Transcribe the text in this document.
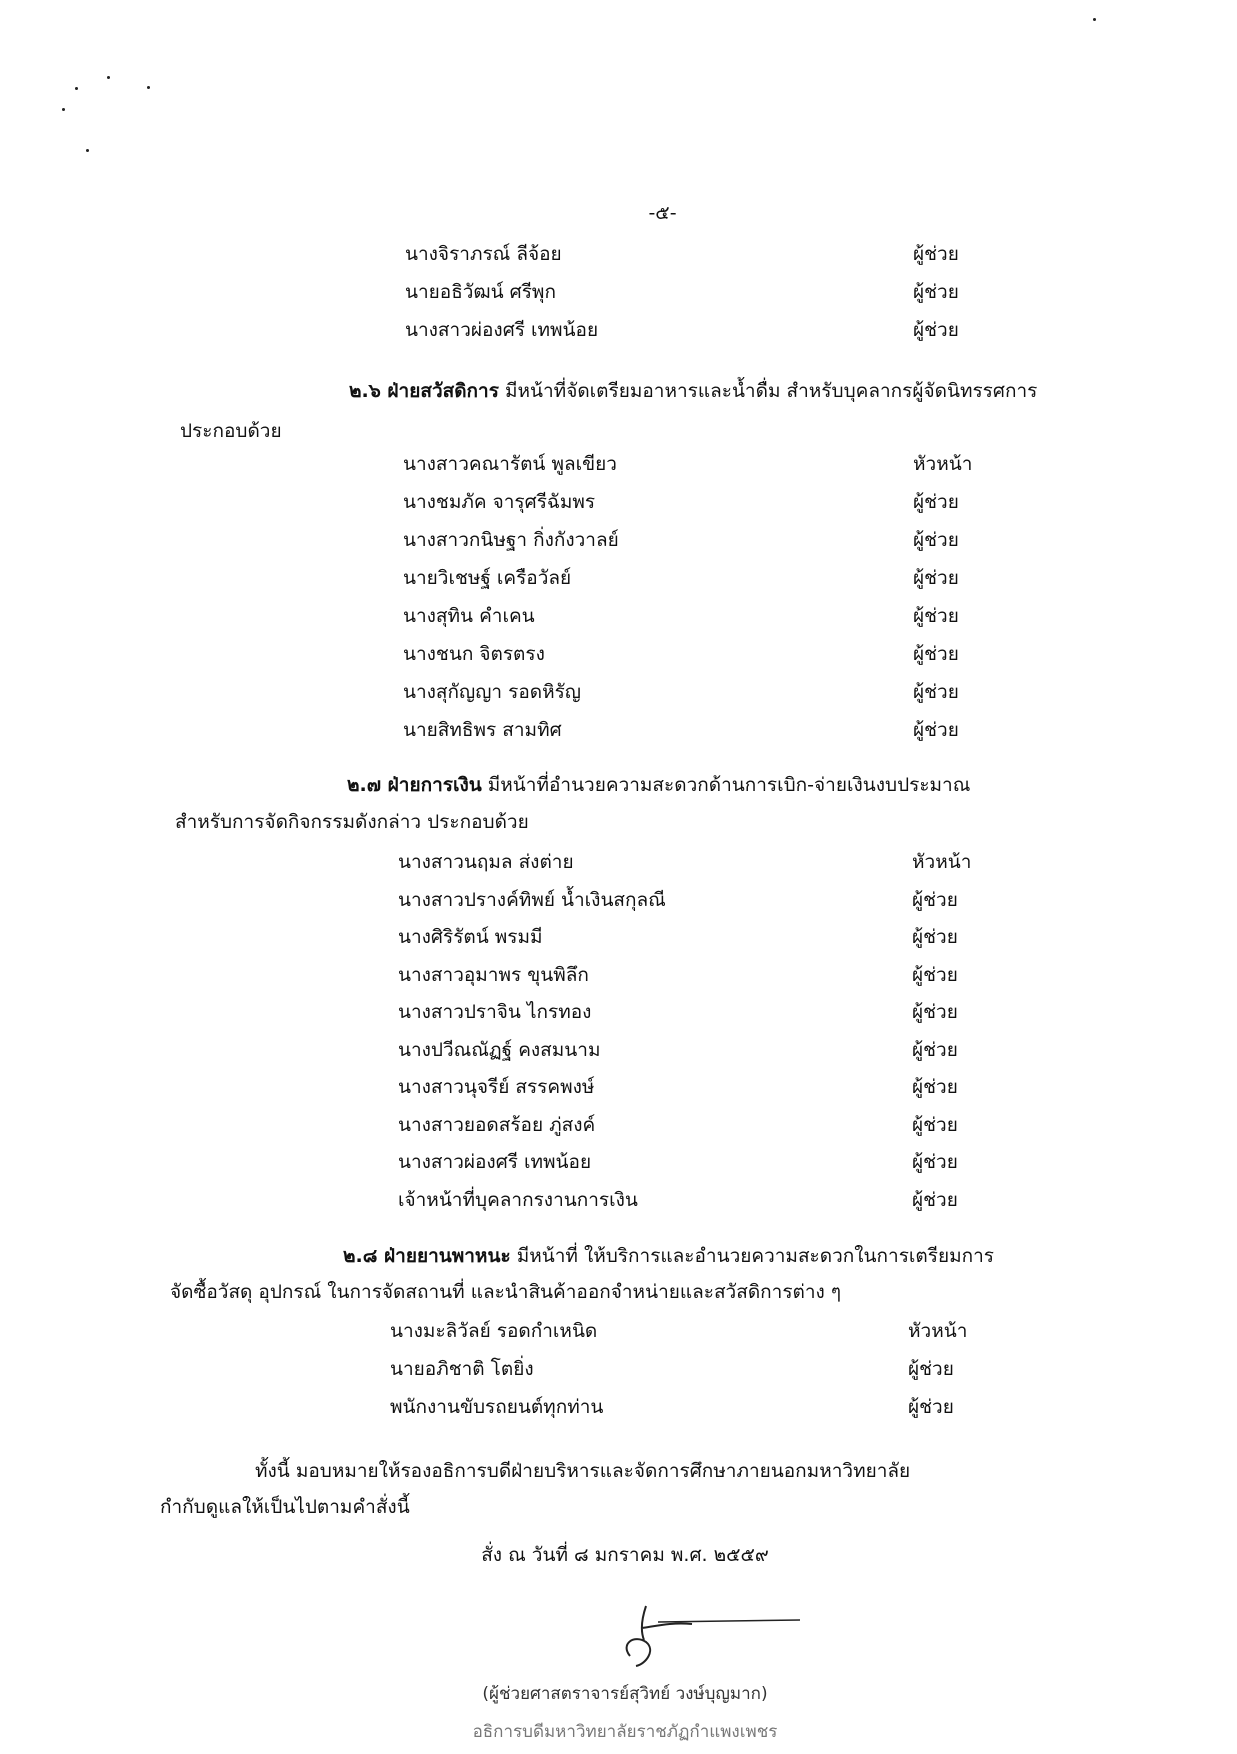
-๕-
นางจิราภรณ์ ลีจ้อย	ผู้ช่วย
นายอธิวัฒน์ ศรีพุก	ผู้ช่วย
นางสาวผ่องศรี เทพน้อย	ผู้ช่วย
๒.๖ ฝ่ายสวัสดิการ มีหน้าที่จัดเตรียมอาหารและน้ำดื่ม สำหรับบุคลากรผู้จัดนิทรรศการ
ประกอบด้วย
นางสาวคณารัตน์ พูลเขียว	หัวหน้า
นางชมภัค จารุศรีฉัมพร	ผู้ช่วย
นางสาวกนิษฐา กิ่งกังวาลย์	ผู้ช่วย
นายวิเชษฐ์ เครือวัลย์	ผู้ช่วย
นางสุทิน คำเคน	ผู้ช่วย
นางชนก จิตรตรง	ผู้ช่วย
นางสุกัญญา รอดหิรัญ	ผู้ช่วย
นายสิทธิพร สามทิศ	ผู้ช่วย
๒.๗ ฝ่ายการเงิน มีหน้าที่อำนวยความสะดวกด้านการเบิก-จ่ายเงินงบประมาณ
สำหรับการจัดกิจกรรมดังกล่าว ประกอบด้วย
นางสาวนฤมล ส่งต่าย	หัวหน้า
นางสาวปรางค์ทิพย์ น้ำเงินสกุลณี	ผู้ช่วย
นางศิริรัตน์ พรมมี	ผู้ช่วย
นางสาวอุมาพร ขุนพิลึก	ผู้ช่วย
นางสาวปราจิน ไกรทอง	ผู้ช่วย
นางปวีณณัฏฐ์ คงสมนาม	ผู้ช่วย
นางสาวนุจรีย์ สรรคพงษ์	ผู้ช่วย
นางสาวยอดสร้อย ภู่สงค์	ผู้ช่วย
นางสาวผ่องศรี เทพน้อย	ผู้ช่วย
เจ้าหน้าที่บุคลากรงานการเงิน	ผู้ช่วย
๒.๘ ฝ่ายยานพาหนะ มีหน้าที่ ให้บริการและอำนวยความสะดวกในการเตรียมการ
จัดซื้อวัสดุ อุปกรณ์ ในการจัดสถานที่ และนำสินค้าออกจำหน่ายและสวัสดิการต่าง ๆ
นางมะลิวัลย์ รอดกำเหนิด	หัวหน้า
นายอภิชาติ โตยิ่ง	ผู้ช่วย
พนักงานขับรถยนต์ทุกท่าน	ผู้ช่วย
ทั้งนี้ มอบหมายให้รองอธิการบดีฝ่ายบริหารและจัดการศึกษาภายนอกมหาวิทยาลัย
กำกับดูแลให้เป็นไปตามคำสั่งนี้
สั่ง ณ วันที่ ๘ มกราคม พ.ศ. ๒๕๕๙
(ผู้ช่วยศาสตราจารย์สุวิทย์ วงษ์บุญมาก)
อธิการบดีมหาวิทยาลัยราชภัฏกำแพงเพชร
